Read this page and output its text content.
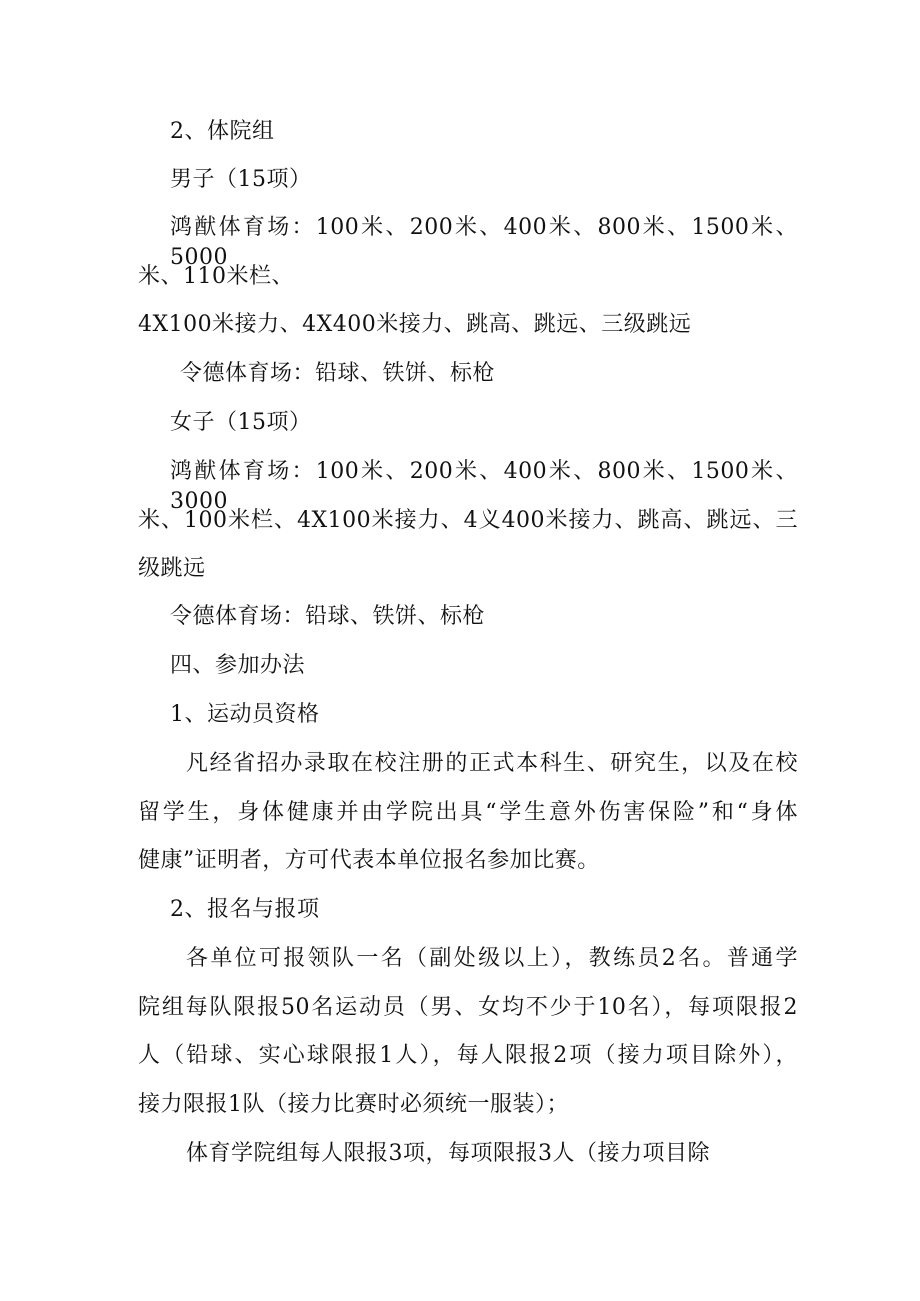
2、体院组
男子（15项）
鸿猷体育场：100米、200米、400米、800米、1500米、5000
米、110米栏、
4X100米接力、4X400米接力、跳高、跳远、三级跳远
令德体育场：铅球、铁饼、标枪
女子（15项）
鸿猷体育场：100米、200米、400米、800米、1500米、3000
米、100米栏、4X100米接力、4义400米接力、跳高、跳远、三
级跳远
令德体育场：铅球、铁饼、标枪
四、参加办法
1、运动员资格
凡经省招办录取在校注册的正式本科生、研究生，以及在校
留学生，身体健康并由学院出具“学生意外伤害保险”和“身体
健康”证明者，方可代表本单位报名参加比赛。
2、报名与报项
各单位可报领队一名（副处级以上），教练员2名。普通学
院组每队限报50名运动员（男、女均不少于10名），每项限报2
人（铅球、实心球限报1人），每人限报2项（接力项目除外），
接力限报1队（接力比赛时必须统一服装）；
体育学院组每人限报3项，每项限报3人（接力项目除
